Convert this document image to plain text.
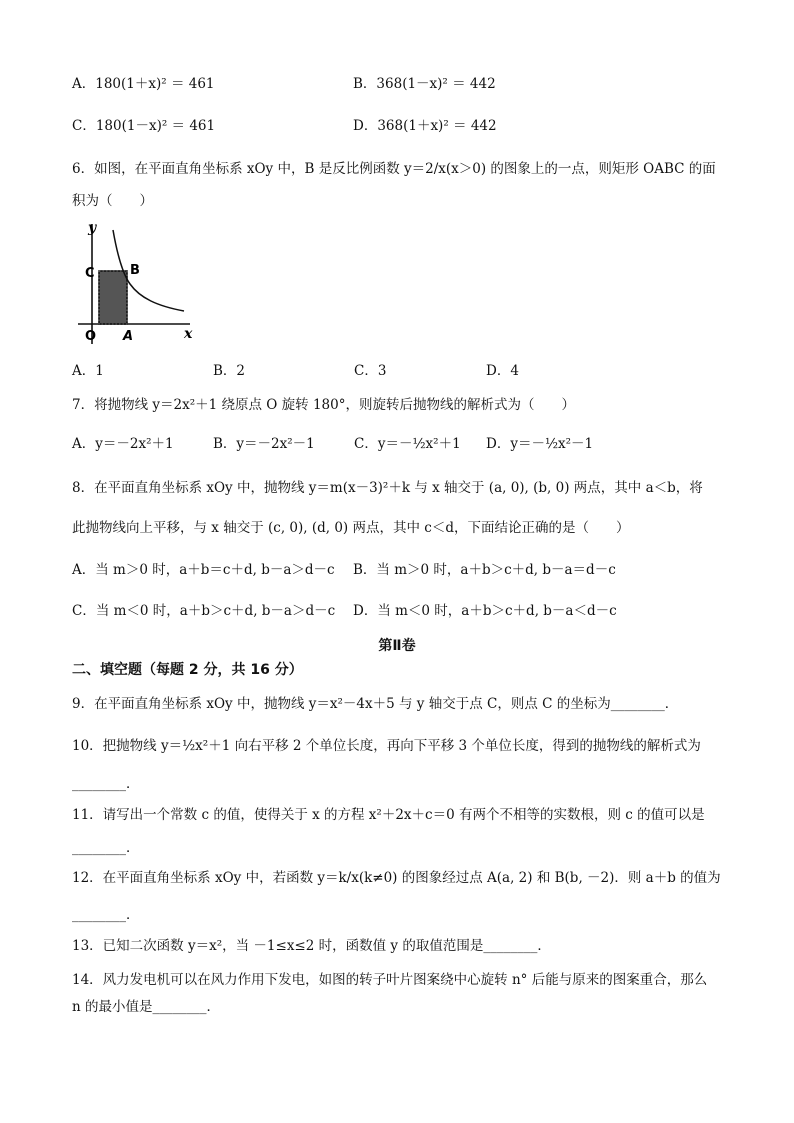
A．180(1＋x)² ＝ 461	B．368(1－x)² ＝ 442
C．180(1－x)² ＝ 461	D．368(1＋x)² ＝ 442
6．如图，在平面直角坐标系 xOy 中，B 是反比例函数 y＝2/x(x＞0) 的图象上的一点，则矩形 OABC 的面
积为（　　）
y
x
C	B
O A
A．1	B．2	C．3	D．4
7．将抛物线 y＝2x²＋1 绕原点 O 旋转 180°，则旋转后抛物线的解析式为（　　）
A．y＝－2x²＋1	B．y＝－2x²－1	C．y＝－½x²＋1 D．y＝－½x²－1
8．在平面直角坐标系 xOy 中，抛物线 y＝m(x－3)²＋k 与 x 轴交于 (a, 0), (b, 0) 两点，其中 a＜b，将
此抛物线向上平移，与 x 轴交于 (c, 0), (d, 0) 两点，其中 c＜d，下面结论正确的是（　　）
A．当 m＞0 时，a＋b＝c＋d, b－a＞d－c B．当 m＞0 时，a＋b＞c＋d, b－a＝d－c
C．当 m＜0 时，a＋b＞c＋d, b－a＞d－c D．当 m＜0 时，a＋b＞c＋d, b－a＜d－c
第Ⅱ卷
二、填空题（每题 2 分，共 16 分）
9．在平面直角坐标系 xOy 中，抛物线 y＝x²－4x＋5 与 y 轴交于点 C，则点 C 的坐标为________．
10．把抛物线 y＝½x²＋1 向右平移 2 个单位长度，再向下平移 3 个单位长度，得到的抛物线的解析式为
________．
11．请写出一个常数 c 的值，使得关于 x 的方程 x²＋2x＋c＝0 有两个不相等的实数根，则 c 的值可以是
________．
12．在平面直角坐标系 xOy 中，若函数 y＝k/x(k≠0) 的图象经过点 A(a, 2) 和 B(b, －2)．则 a＋b 的值为
________．
13．已知二次函数 y＝x²，当 －1≤x≤2 时，函数值 y 的取值范围是________．
14．风力发电机可以在风力作用下发电，如图的转子叶片图案绕中心旋转 n° 后能与原来的图案重合，那么
n 的最小值是________．
